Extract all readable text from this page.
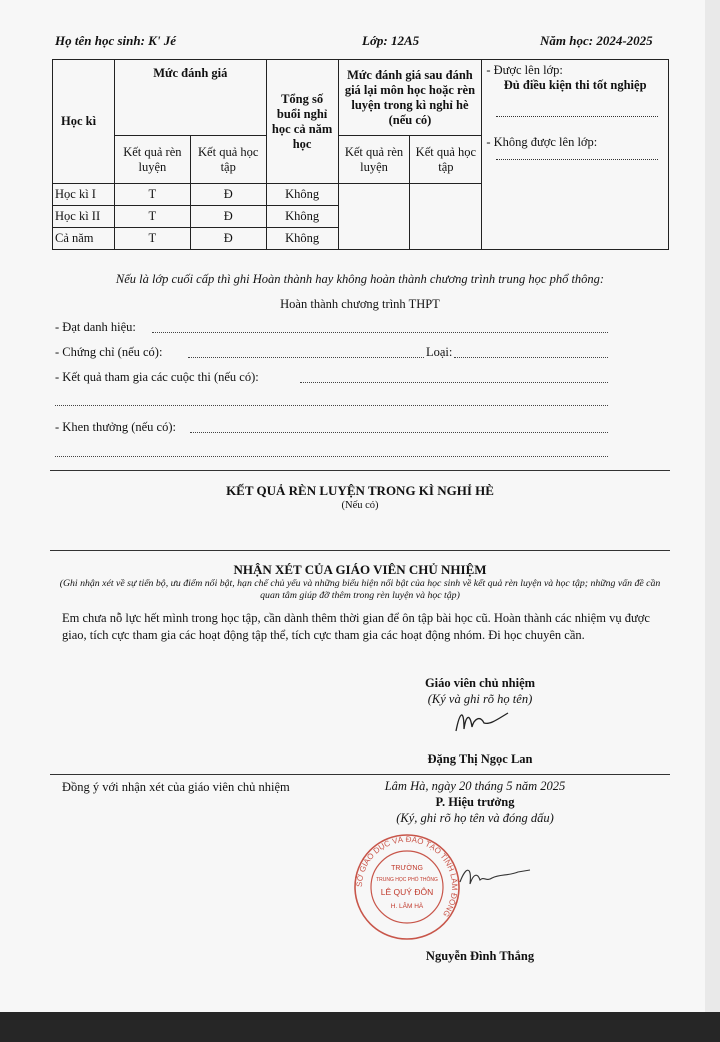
Họ tên học sinh: K' Jé	Lớp: 12A5	Năm học: 2024-2025
Học kì	Mức đánh giá		Tổng số buổi nghỉ học cả năm học	Mức đánh giá sau đánh giá lại môn học hoặc rèn luyện trong kì nghỉ hè (nếu có)		- Được lên lớp:
Đủ điều kiện thi tốt nghiệp
- Không được lên lớp:

	Kết quả rèn luyện	Kết quả học tập		Kết quả rèn luyện	Kết quả học tập	
Học kì I	T	Đ	Không			
Học kì II	T	Đ	Không			
Cả năm	T	Đ	Không			
Nếu là lớp cuối cấp thì ghi Hoàn thành hay không hoàn thành chương trình trung học phổ thông:
Hoàn thành chương trình THPT
- Đạt danh hiệu:
- Chứng chỉ (nếu có):	Loại:
- Kết quả tham gia các cuộc thi (nếu có):
- Khen thưởng (nếu có):
KẾT QUẢ RÈN LUYỆN TRONG KÌ NGHỈ HÈ
(Nếu có)
NHẬN XÉT CỦA GIÁO VIÊN CHỦ NHIỆM
(Ghi nhận xét về sự tiến bộ, ưu điểm nổi bật, hạn chế chủ yếu và những biểu hiện nổi bật của học sinh về kết quả rèn luyện và học tập; những vấn đề cần quan tâm giúp đỡ thêm trong rèn luyện và học tập)
Em chưa nỗ lực hết mình trong học tập, cần dành thêm thời gian để ôn tập bài học cũ. Hoàn thành các nhiệm vụ được giao, tích cực tham gia các hoạt động tập thể, tích cực tham gia các hoạt động nhóm. Đi học chuyên cần.
Giáo viên chủ nhiệm
(Ký và ghi rõ họ tên)
Đặng Thị Ngọc Lan
Đồng ý với nhận xét của giáo viên chủ nhiệm	Lâm Hà, ngày 20 tháng 5 năm 2025
P. Hiệu trưởng
(Ký, ghi rõ họ tên và đóng dấu)
SỞ GIÁO DỤC VÀ ĐÀO TẠO TỈNH LÂM ĐỒNG
TRƯỜNG
TRUNG HỌC PHỔ THÔNG
LÊ QUÝ ĐÔN
H. LÂM HÀ
Nguyễn Đình Thắng
